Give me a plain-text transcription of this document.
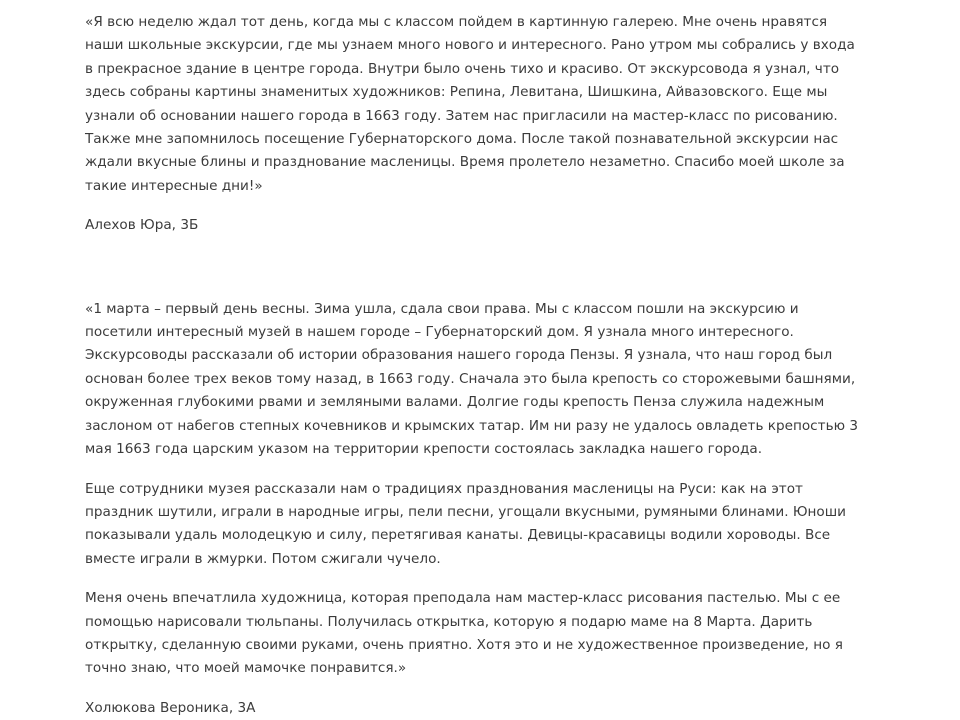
«Я всю неделю ждал тот день, когда мы с классом пойдем в картинную галерею. Мне очень нравятся наши школьные экскурсии, где мы узнаем много нового и интересного. Рано утром мы собрались у входа в прекрасное здание в центре города. Внутри было очень тихо и красиво. От экскурсовода я узнал, что здесь собраны картины знаменитых художников: Репина, Левитана, Шишкина, Айвазовского. Еще мы узнали об основании нашего города в 1663 году. Затем нас пригласили на мастер-класс по рисованию. Также мне запомнилось посещение Губернаторского дома. После такой познавательной экскурсии нас ждали вкусные блины и празднование масленицы. Время пролетело незаметно. Спасибо моей школе за такие интересные дни!»

Алехов Юра, 3Б

«1 марта – первый день весны. Зима ушла, сдала свои права. Мы с классом пошли на экскурсию и посетили интересный музей в нашем городе – Губернаторский дом. Я узнала много интересного. Экскурсоводы рассказали об истории образования нашего города Пензы. Я узнала, что наш город был основан более трех веков тому назад, в 1663 году. Сначала это была крепость со сторожевыми башнями, окруженная глубокими рвами и земляными валами. Долгие годы крепость Пенза служила надежным заслоном от набегов степных кочевников и крымских татар. Им ни разу не удалось овладеть крепостью 3 мая 1663 года царским указом на территории крепости состоялась закладка нашего города.

Еще сотрудники музея рассказали нам о традициях празднования масленицы на Руси: как на этот праздник шутили, играли в народные игры, пели песни, угощали вкусными, румяными блинами. Юноши показывали удаль молодецкую и силу, перетягивая канаты. Девицы-красавицы водили хороводы. Все вместе играли в жмурки. Потом сжигали чучело.

Меня очень впечатлила художница, которая преподала нам мастер-класс рисования пастелью. Мы с ее помощью нарисовали тюльпаны. Получилась открытка, которую я подарю маме на 8 Марта. Дарить открытку, сделанную своими руками, очень приятно. Хотя это и не художественное произведение, но я точно знаю, что моей мамочке понравится.»

Холюкова Вероника, 3А
